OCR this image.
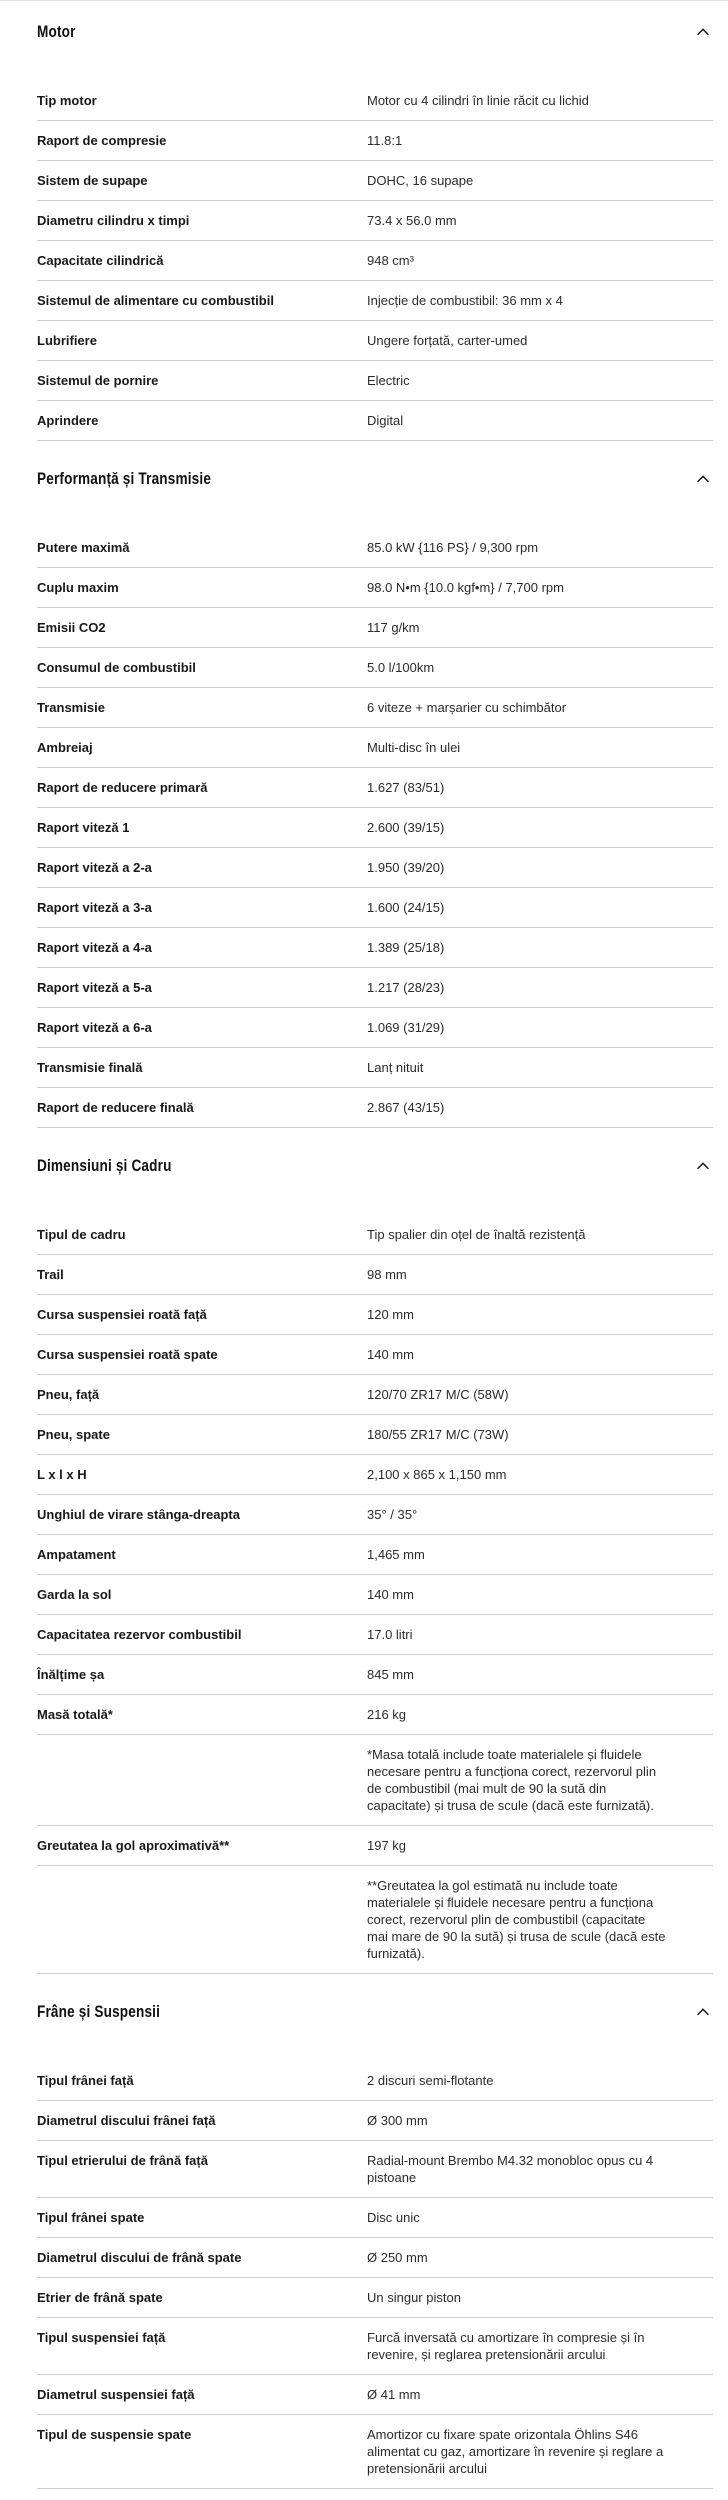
Motor
Tip motor	Motor cu 4 cilindri în linie răcit cu lichid
Raport de compresie	11.8:1
Sistem de supape	DOHC, 16 supape
Diametru cilindru x timpi	73.4 x 56.0 mm
Capacitate cilindrică	948 cm³
Sistemul de alimentare cu combustibil	Injecție de combustibil: 36 mm x 4
Lubrifiere	Ungere forțată, carter-umed
Sistemul de pornire	Electric
Aprindere	Digital
Performanță și Transmisie
Putere maximă	85.0 kW {116 PS} / 9,300 rpm
Cuplu maxim	98.0 N•m {10.0 kgf•m} / 7,700 rpm
Emisii CO2	117 g/km
Consumul de combustibil	5.0 l/100km
Transmisie	6 viteze + marșarier cu schimbător
Ambreiaj	Multi-disc în ulei
Raport de reducere primară	1.627 (83/51)
Raport viteză 1	2.600 (39/15)
Raport viteză a 2-a	1.950 (39/20)
Raport viteză a 3-a	1.600 (24/15)
Raport viteză a 4-a	1.389 (25/18)
Raport viteză a 5-a	1.217 (28/23)
Raport viteză a 6-a	1.069 (31/29)
Transmisie finală	Lanț nituit
Raport de reducere finală	2.867 (43/15)
Dimensiuni și Cadru
Tipul de cadru	Tip spalier din oțel de înaltă rezistență
Trail	98 mm
Cursa suspensiei roată față	120 mm
Cursa suspensiei roată spate	140 mm
Pneu, față	120/70 ZR17 M/C (58W)
Pneu, spate	180/55 ZR17 M/C (73W)
L x l x H	2,100 x 865 x 1,150 mm
Unghiul de virare stânga-dreapta	35° / 35°
Ampatament	1,465 mm
Garda la sol	140 mm
Capacitatea rezervor combustibil	17.0 litri
Înălțime șa	845 mm
Masă totală*	216 kg
*Masa totală include toate materialele și fluidele necesare pentru a funcționa corect, rezervorul plin de combustibil (mai mult de 90 la sută din capacitate) și trusa de scule (dacă este furnizată).
Greutatea la gol aproximativă**	197 kg
**Greutatea la gol estimată nu include toate materialele și fluidele necesare pentru a funcționa corect, rezervorul plin de combustibil (capacitate mai mare de 90 la sută) și trusa de scule (dacă este furnizată).
Frâne și Suspensii
Tipul frânei față	2 discuri semi-flotante
Diametrul discului frânei față	Ø 300 mm
Tipul etrierului de frână față	Radial-mount Brembo M4.32 monobloc opus cu 4 pistoane
Tipul frânei spate	Disc unic
Diametrul discului de frână spate	Ø 250 mm
Etrier de frână spate	Un singur piston
Tipul suspensiei față	Furcă inversată cu amortizare în compresie și în revenire, și reglarea pretensionării arcului
Diametrul suspensiei față	Ø 41 mm
Tipul de suspensie spate	Amortizor cu fixare spate orizontala Öhlins S46 alimentat cu gaz, amortizare în revenire și reglare a pretensionării arcului
